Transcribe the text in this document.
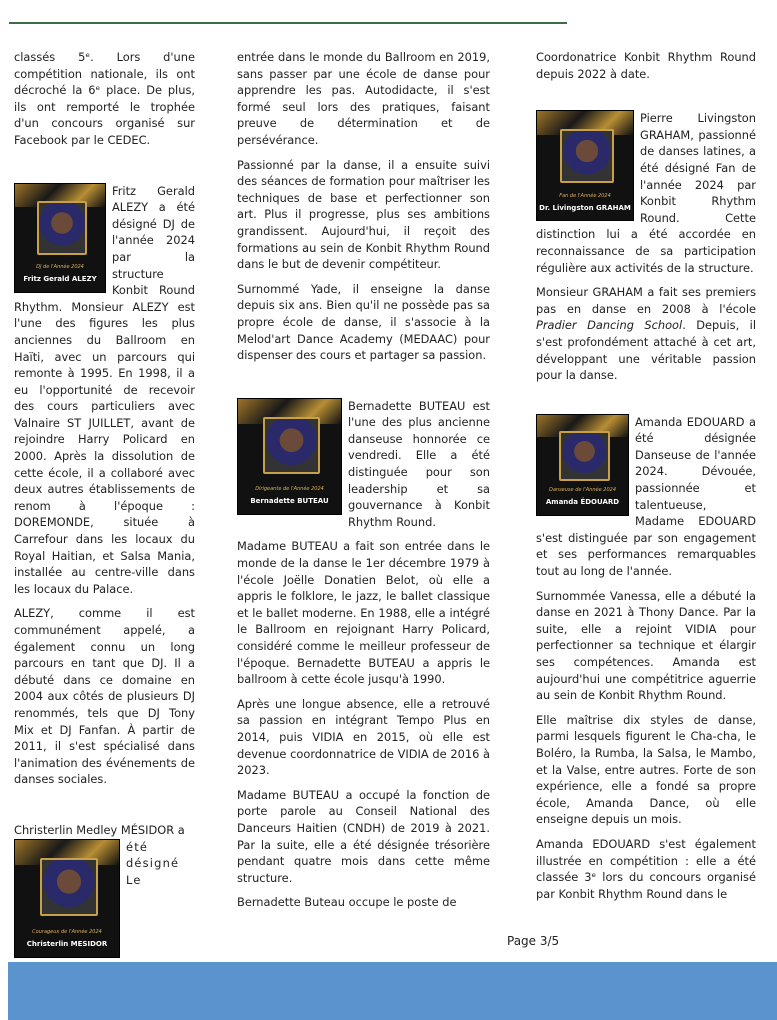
classés 5ᵉ. Lors d'une compétition nationale, ils ont décroché la 6ᵉ place. De plus, ils ont remporté le trophée d'un concours organisé sur Facebook par le CEDEC.

DJ de l'Année 2024
Fritz Gerald ALEZY

Fritz Gerald ALEZY a été désigné DJ de l'année 2024 par la structure Konbit Round Rhythm. Monsieur ALEZY est l'une des figures les plus anciennes du Ballroom en Haïti, avec un parcours qui remonte à 1995. En 1998, il a eu l'opportunité de recevoir des cours particuliers avec Valnaire ST JUILLET, avant de rejoindre Harry Policard en 2000. Après la dissolution de cette école, il a collaboré avec deux autres établissements de renom à l'époque : DOREMONDE, située à Carrefour dans les locaux du Royal Haitian, et Salsa Mania, installée au centre-ville dans les locaux du Palace.

ALEZY, comme il est communément appelé, a également connu un long parcours en tant que DJ. Il a débuté dans ce domaine en 2004 aux côtés de plusieurs DJ renommés, tels que DJ Tony Mix et DJ Fanfan. À partir de 2011, il s'est spécialisé dans l'animation des événements de danses sociales.

Christerlin Medley MÉSIDOR a

Courageux de l'Année 2024
Christerlin MESIDOR

été désigné Le

entrée dans le monde du Ballroom en 2019, sans passer par une école de danse pour apprendre les pas. Autodidacte, il s'est formé seul lors des pratiques, faisant preuve de détermination et de persévérance.

Passionné par la danse, il a ensuite suivi des séances de formation pour maîtriser les techniques de base et perfectionner son art. Plus il progresse, plus ses ambitions grandissent. Aujourd'hui, il reçoit des formations au sein de Konbit Rhythm Round dans le but de devenir compétiteur.

Surnommé Yade, il enseigne la danse depuis six ans. Bien qu'il ne possède pas sa propre école de danse, il s'associe à la Melod'art Dance Academy (MEDAAC) pour dispenser des cours et partager sa passion.

Dirigeante de l'Année 2024
Bernadette BUTEAU

Bernadette BUTEAU est l'une des plus ancienne danseuse honnorée ce vendredi. Elle a été distinguée pour son leadership et sa gouvernance à Konbit Rhythm Round.

Madame BUTEAU a fait son entrée dans le monde de la danse le 1er décembre 1979 à l'école Joëlle Donatien Belot, où elle a appris le folklore, le jazz, le ballet classique et le ballet moderne. En 1988, elle a intégré le Ballroom en rejoignant Harry Policard, considéré comme le meilleur professeur de l'époque. Bernadette BUTEAU a appris le ballroom à cette école jusqu'à 1990.

Après une longue absence, elle a retrouvé sa passion en intégrant Tempo Plus en 2014, puis VIDIA en 2015, où elle est devenue coordonnatrice de VIDIA de 2016 à 2023.

Madame BUTEAU a occupé la fonction de porte parole au Conseil National des Danceurs Haitien (CNDH) de 2019 à 2021. Par la suite, elle a été désignée trésorière pendant quatre mois dans cette même structure.

Bernadette Buteau occupe le poste de

Coordonatrice Konbit Rhythm Round depuis 2022 à date.

Fan de l'Année 2024
Dr. Livingston GRAHAM

Pierre Livingston GRAHAM, passionné de danses latines, a été désigné Fan de l'année 2024 par Konbit Rhythm Round. Cette distinction lui a été accordée en reconnaissance de sa participation régulière aux activités de la structure.

Monsieur GRAHAM a fait ses premiers pas en danse en 2008 à l'école Pradier Dancing School. Depuis, il s'est profondément attaché à cet art, développant une véritable passion pour la danse.

Danseuse de l'Année 2024
Amanda ÉDOUARD

Amanda EDOUARD a été désignée Danseuse de l'année 2024. Dévouée, passionnée et talentueuse, Madame EDOUARD s'est distinguée par son engagement et ses performances remarquables tout au long de l'année.

Surnommée Vanessa, elle a débuté la danse en 2021 à Thony Dance. Par la suite, elle a rejoint VIDIA pour perfectionner sa technique et élargir ses compétences. Amanda est aujourd'hui une compétitrice aguerrie au sein de Konbit Rhythm Round.

Elle maîtrise dix styles de danse, parmi lesquels figurent le Cha-cha, le Boléro, la Rumba, la Salsa, le Mambo, et la Valse, entre autres. Forte de son expérience, elle a fondé sa propre école, Amanda Dance, où elle enseigne depuis un mois.

Amanda EDOUARD s'est également illustrée en compétition : elle a été classée 3ᵉ lors du concours organisé par Konbit Rhythm Round dans le

Page 3/5
